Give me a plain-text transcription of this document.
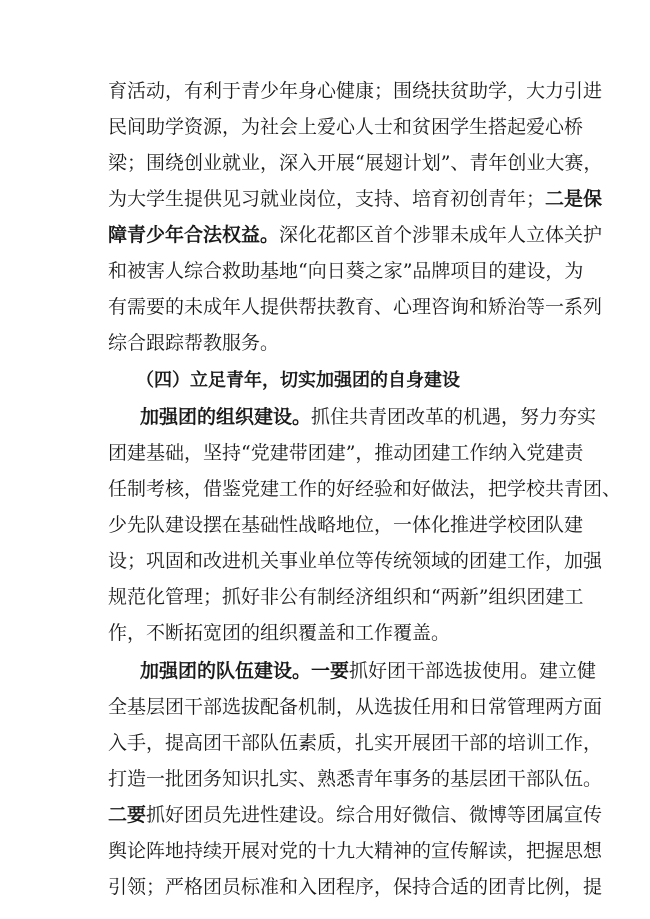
育活动，有利于青少年身心健康；围绕扶贫助学，大力引进
民间助学资源，为社会上爱心人士和贫困学生搭起爱心桥
梁；围绕创业就业，深入开展“展翅计划”、青年创业大赛，
为大学生提供见习就业岗位，支持、培育初创青年；二是保
障青少年合法权益。深化花都区首个涉罪未成年人立体关护
和被害人综合救助基地“向日葵之家”品牌项目的建设，为
有需要的未成年人提供帮扶教育、心理咨询和矫治等一系列
综合跟踪帮教服务。
（四）立足青年，切实加强团的自身建设
加强团的组织建设。抓住共青团改革的机遇，努力夯实
团建基础，坚持“党建带团建”，推动团建工作纳入党建责
任制考核，借鉴党建工作的好经验和好做法，把学校共青团、
少先队建设摆在基础性战略地位，一体化推进学校团队建
设；巩固和改进机关事业单位等传统领域的团建工作，加强
规范化管理；抓好非公有制经济组织和“两新”组织团建工
作，不断拓宽团的组织覆盖和工作覆盖。
加强团的队伍建设。一要抓好团干部选拔使用。建立健
全基层团干部选拔配备机制，从选拔任用和日常管理两方面
入手，提高团干部队伍素质，扎实开展团干部的培训工作，
打造一批团务知识扎实、熟悉青年事务的基层团干部队伍。
二要抓好团员先进性建设。综合用好微信、微博等团属宣传
舆论阵地持续开展对党的十九大精神的宣传解读，把握思想
引领；严格团员标准和入团程序，保持合适的团青比例，提
